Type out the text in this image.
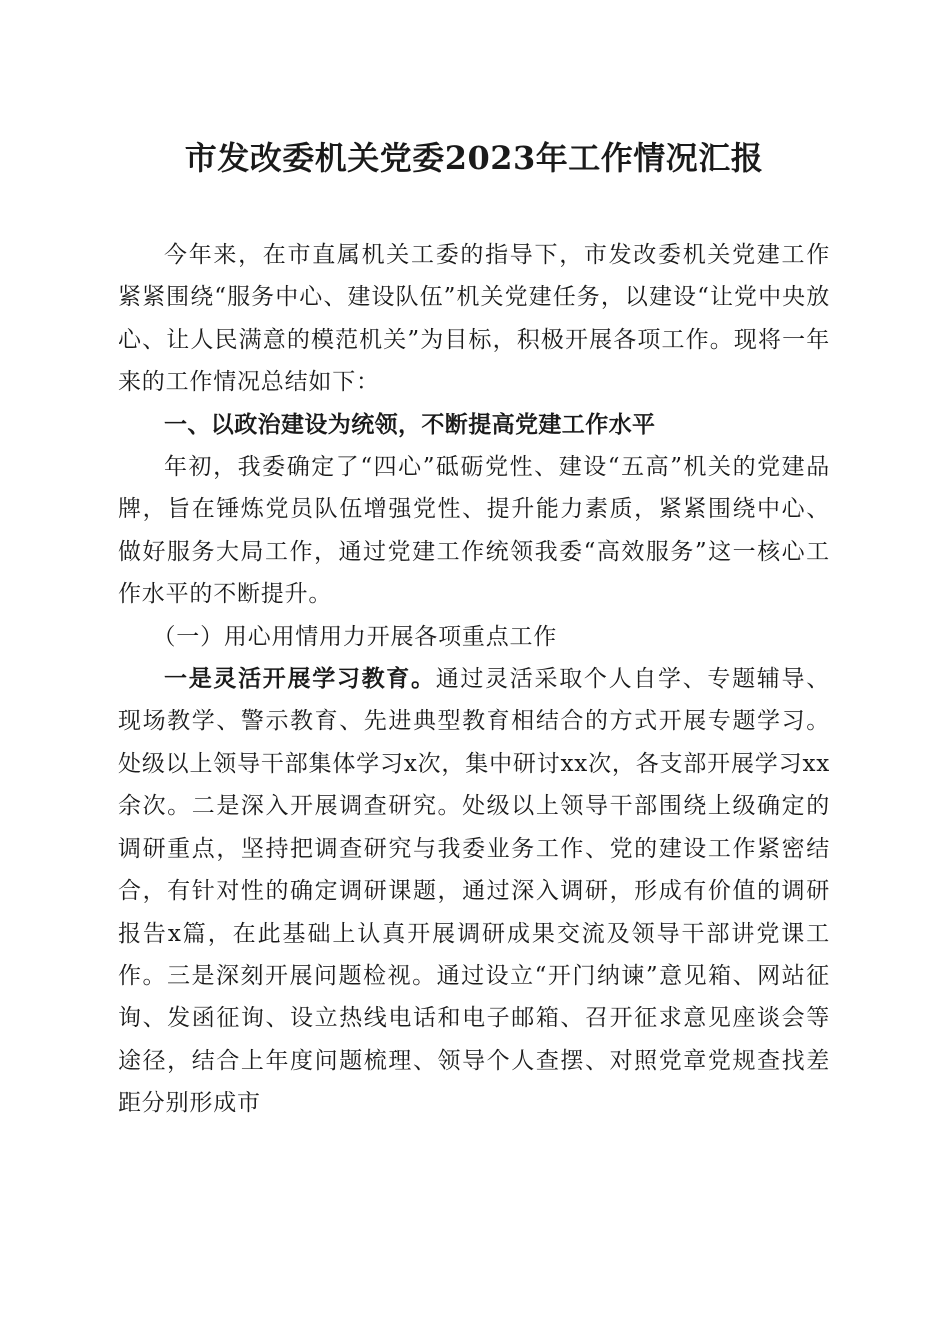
市发改委机关党委2023年工作情况汇报

今年来，在市直属机关工委的指导下，市发改委机关党建工作紧紧围绕“服务中心、建设队伍”机关党建任务，以建设“让党中央放心、让人民满意的模范机关”为目标，积极开展各项工作。现将一年来的工作情况总结如下：

一、以政治建设为统领，不断提高党建工作水平

年初，我委确定了“四心”砥砺党性、建设“五高”机关的党建品牌，旨在锤炼党员队伍增强党性、提升能力素质，紧紧围绕中心、做好服务大局工作，通过党建工作统领我委“高效服务”这一核心工作水平的不断提升。

（一）用心用情用力开展各项重点工作

一是灵活开展学习教育。通过灵活采取个人自学、专题辅导、现场教学、警示教育、先进典型教育相结合的方式开展专题学习。处级以上领导干部集体学习x次，集中研讨xx次，各支部开展学习xx余次。二是深入开展调查研究。处级以上领导干部围绕上级确定的调研重点，坚持把调查研究与我委业务工作、党的建设工作紧密结合，有针对性的确定调研课题，通过深入调研，形成有价值的调研报告x篇，在此基础上认真开展调研成果交流及领导干部讲党课工作。三是深刻开展问题检视。通过设立“开门纳谏”意见箱、网站征询、发函征询、设立热线电话和电子邮箱、召开征求意见座谈会等途径，结合上年度问题梳理、领导个人查摆、对照党章党规查找差距分别形成市
